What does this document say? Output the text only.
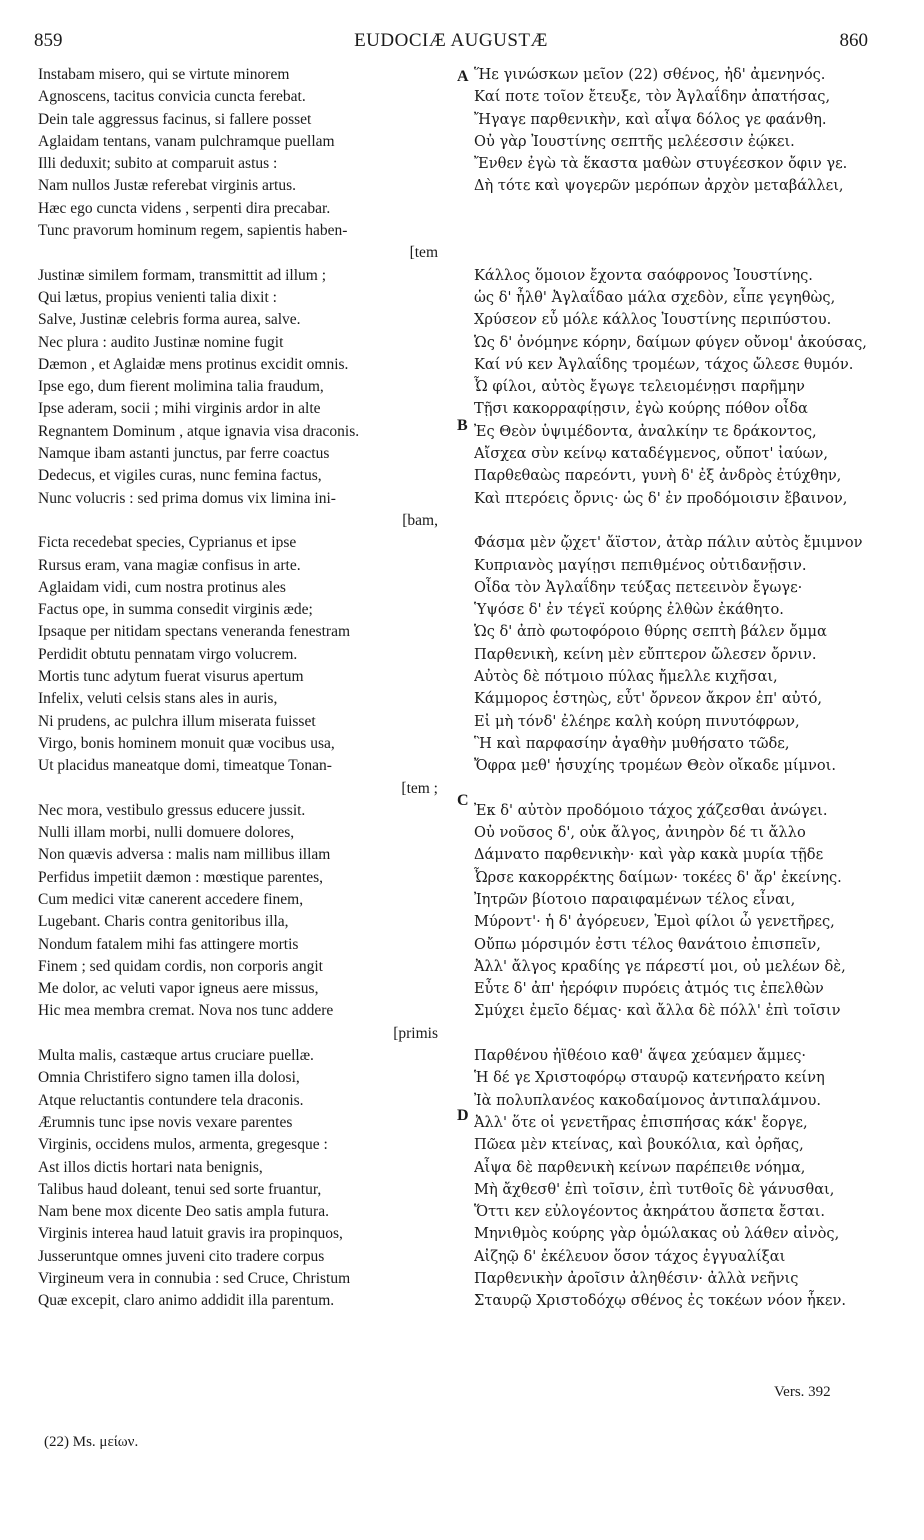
859	EUDOCIÆ AUGUSTÆ	860
Instabam misero, qui se virtute minorem
Agnoscens, tacitus convicia cuncta ferebat.
Dein tale aggressus facinus, si fallere posset
Aglaidam tentans, vanam pulchramque puellam
Illi deduxit; subito at comparuit astus :
Nam nullos Justæ referebat virginis artus.
Hæc ego cuncta videns , serpenti dira precabar.
Tunc pravorum hominum regem, sapientis haben-
[tem
Justinæ similem formam, transmittit ad illum ;
Qui lætus, propius venienti talia dixit :
Salve, Justinæ celebris forma aurea, salve.
Nec plura : audito Justinæ nomine fugit
Dæmon , et Aglaidæ mens protinus excidit omnis.
Ipse ego, dum fierent molimina talia fraudum,
Ipse aderam, socii ; mihi virginis ardor in alte
Regnantem Dominum , atque ignavia visa draconis.
Namque ibam astanti junctus, par ferre coactus
Dedecus, et vigiles curas, nunc femina factus,
Nunc volucris : sed prima domus vix limina ini-
[bam,
Ficta recedebat species, Cyprianus et ipse
Rursus eram, vana magiæ confisus in arte.
Aglaidam vidi, cum nostra protinus ales
Factus ope, in summa consedit virginis æde;
Ipsaque per nitidam spectans veneranda fenestram
Perdidit obtutu pennatam virgo volucrem.
Mortis tunc adytum fuerat visurus apertum
Infelix, veluti celsis stans ales in auris,
Ni prudens, ac pulchra illum miserata fuisset
Virgo, bonis hominem monuit quæ vocibus usa,
Ut placidus maneatque domi, timeatque Tonan-
[tem ;
Nec mora, vestibulo gressus educere jussit.
Nulli illam morbi, nulli domuere dolores,
Non quævis adversa : malis nam millibus illam
Perfidus impetiit dæmon : mœstique parentes,
Cum medici vitæ canerent accedere finem,
Lugebant. Charis contra genitoribus illa,
Nondum fatalem mihi fas attingere mortis
Finem ; sed quidam cordis, non corporis angit
Me dolor, ac veluti vapor igneus aere missus,
Hic mea membra cremat. Nova nos tunc addere
[primis
Multa malis, castæque artus cruciare puellæ.
Omnia Christifero signo tamen illa dolosi,
Atque reluctantis contundere tela draconis.
Ærumnis tunc ipse novis vexare parentes
Virginis, occidens mulos, armenta, gregesque :
Ast illos dictis hortari nata benignis,
Talibus haud doleant, tenui sed sorte fruantur,
Nam bene mox dicente Deo satis ampla futura.
Virginis interea haud latuit gravis ira propinquos,
Jusseruntque omnes juveni cito tradere corpus
Virgineum vera in connubia : sed Cruce, Christum
Quæ excepit, claro animo addidit illa parentum.
Ἥε γινώσκων μεῖον (22) σθένος, ἠδ' ἀμενηνός.
Καί ποτε τοῖον ἔτευξε, τὸν Ἀγλαΐδην ἀπατήσας,
Ἤγαγε παρθενικὴν, καὶ αἶψα δόλος γε φαάνθη.
Οὐ γὰρ Ἰουστίνης σεπτῆς μελέεσσιν ἐῴκει.
Ἔνθεν ἐγὼ τὰ ἕκαστα μαθὼν στυγέεσκον ὄφιν γε.
Δὴ τότε καὶ ψογερῶν μερόπων ἀρχὸν μεταβάλλει,
Κάλλος ὅμοιον ἔχοντα σαόφρονος Ἰουστίνης.
ὡς δ' ἦλθ' Ἀγλαΐδαο μάλα σχεδὸν, εἶπε γεγηθὼς,
Χρύσεον εὖ μόλε κάλλος Ἰουστίνης περιπύστου.
Ὡς δ' ὀνόμηνε κόρην, δαίμων φύγεν οὔνομ' ἀκούσας,
Καί νύ κεν Ἀγλαΐδης τρομέων, τάχος ὤλεσε θυμόν.
Ὦ φίλοι, αὐτὸς ἔγωγε τελειομένῃσι παρῆμην
Τῇσι κακορραφίῃσιν, ἐγὼ κούρης πόθον οἶδα
Ἐς Θεὸν ὑψιμέδοντα, ἀναλκίην τε δράκοντος,
Αἴσχεα σὺν κείνῳ καταδέγμενος, οὔποτ' ἰαύων,
Παρθεθαὼς παρεόντι, γυνὴ δ' ἐξ ἀνδρὸς ἐτύχθην,
Καὶ πτερόεις ὄρνις· ὡς δ' ἐν προδόμοισιν ἔβαινον,
Φάσμα μὲν ᾤχετ' ἄϊστον, ἀτὰρ πάλιν αὐτὸς ἔμιμνον
Κυπριανὸς μαγίῃσι πεπιθμένος οὐτιδανῇσιν.
Οἶδα τὸν Ἀγλαΐδην τεύξας πετεεινὸν ἔγωγε·
Ὑψόσε δ' ἐν τέγεϊ κούρης ἐλθὼν ἐκάθητο.
Ὡς δ' ἀπὸ φωτοφόροιο θύρης σεπτὴ βάλεν ὄμμα
Παρθενικὴ, κείνη μὲν εὔπτερον ὤλεσεν ὄρνιν.
Αὐτὸς δὲ πότμοιο πύλας ἤμελλε κιχῆσαι,
Κάμμορος ἑστηὼς, εὖτ' ὄρνεον ἄκρον ἐπ' αὐτό,
Εἰ μὴ τόνδ' ἐλέηρε καλὴ κούρη πινυτόφρων,
Ἣ καὶ παρφασίην ἀγαθὴν μυθήσατο τῶδε,
Ὄφρα μεθ' ἡσυχίης τρομέων Θεὸν οἴκαδε μίμνοι.
Ἐκ δ' αὐτὸν προδόμοιο τάχος χάζεσθαι ἀνώγει.
Οὐ νοῦσος δ', οὐκ ἄλγος, ἀνιηρὸν δέ τι ἄλλο
Δάμνατο παρθενικὴν· καὶ γὰρ κακὰ μυρία τῇδε
Ὦρσε κακορρέκτης δαίμων· τοκέες δ' ἄρ' ἐκείνης.
Ἰητρῶν βίοτοιο παραιφαμένων τέλος εἶναι,
Μύροντ'· ἡ δ' ἀγόρευεν, Ἐμοὶ φίλοι ὦ γενετῆρες,
Οὔπω μόρσιμόν ἐστι τέλος θανάτοιο ἐπισπεῖν,
Ἀλλ' ἄλγος κραδίης γε πάρεστί μοι, οὐ μελέων δὲ,
Εὖτε δ' ἀπ' ἠερόφιν πυρόεις ἀτμός τις ἐπελθὼν
Σμύχει ἐμεῖο δέμας· καὶ ἄλλα δὲ πόλλ' ἐπὶ τοῖσιν
Παρθένου ἠϊθέοιο καθ' ἅψεα χεύαμεν ἄμμες·
Ἡ δέ γε Χριστοφόρῳ σταυρῷ κατενήρατο κείνη
Ἰὰ πολυπλανέος κακοδαίμονος ἀντιπαλάμνου.
Ἀλλ' ὅτε οἱ γενετῆρας ἐπισπήσας κάκ' ἔοργε,
Πῶεα μὲν κτείνας, καὶ βουκόλια, καὶ ὀρῆας,
Αἶψα δὲ παρθενικὴ κείνων παρέπειθε νόημα,
Μὴ ἄχθεσθ' ἐπὶ τοῖσιν, ἐπὶ τυτθοῖς δὲ γάνυσθαι,
Ὅττι κεν εὐλογέοντος ἀκηράτου ἄσπετα ἔσται.
Μηνιθμὸς κούρης γὰρ ὁμώλακας οὐ λάθεν αἰνὸς,
Αἰζηῷ δ' ἐκέλευον ὅσον τάχος ἐγγυαλίξαι
Παρθενικὴν ἀροῖσιν ἀληθέσιν· ἀλλὰ νεῆνις
Σταυρῷ Χριστοδόχῳ σθένος ἐς τοκέων νόον ἧκεν.
A
B
C
D
Vers. 392
(22) Ms. μείων.
